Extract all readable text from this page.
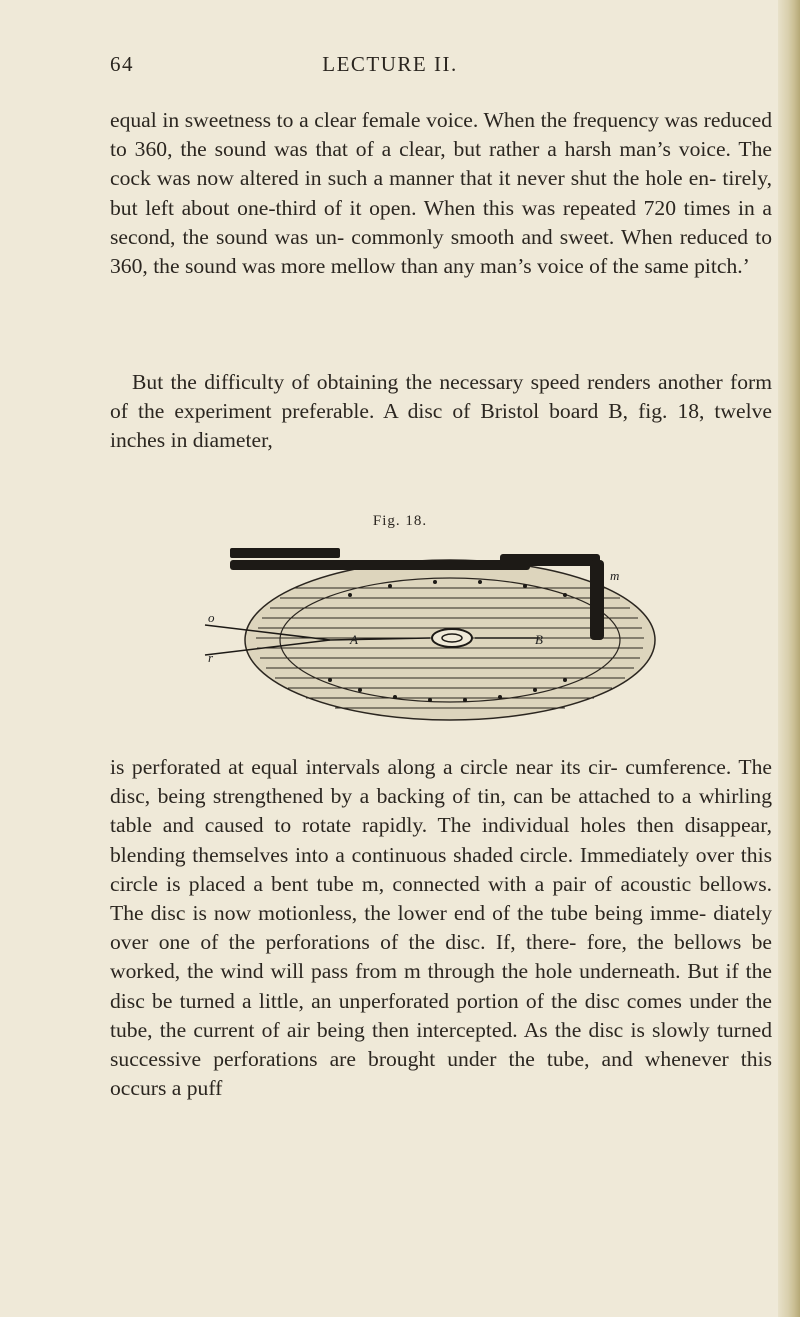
64	LECTURE II.

equal in sweetness to a clear female voice. When the frequency was reduced to 360, the sound was that of a clear, but rather a harsh man’s voice. The cock was now altered in such a manner that it never shut the hole en- tirely, but left about one-third of it open. When this was repeated 720 times in a second, the sound was un- commonly smooth and sweet. When reduced to 360, the sound was more mellow than any man’s voice of the same pitch.’

But the difficulty of obtaining the necessary speed renders another form of the experiment preferable. A disc of Bristol board B, fig. 18, twelve inches in diameter,

Fig. 18.
m
o
r
A	B

is perforated at equal intervals along a circle near its cir- cumference. The disc, being strengthened by a backing of tin, can be attached to a whirling table and caused to rotate rapidly. The individual holes then disappear, blending themselves into a continuous shaded circle. Immediately over this circle is placed a bent tube m, connected with a pair of acoustic bellows. The disc is now motionless, the lower end of the tube being imme- diately over one of the perforations of the disc. If, there- fore, the bellows be worked, the wind will pass from m through the hole underneath. But if the disc be turned a little, an unperforated portion of the disc comes under the tube, the current of air being then intercepted. As the disc is slowly turned successive perforations are brought under the tube, and whenever this occurs a puff
